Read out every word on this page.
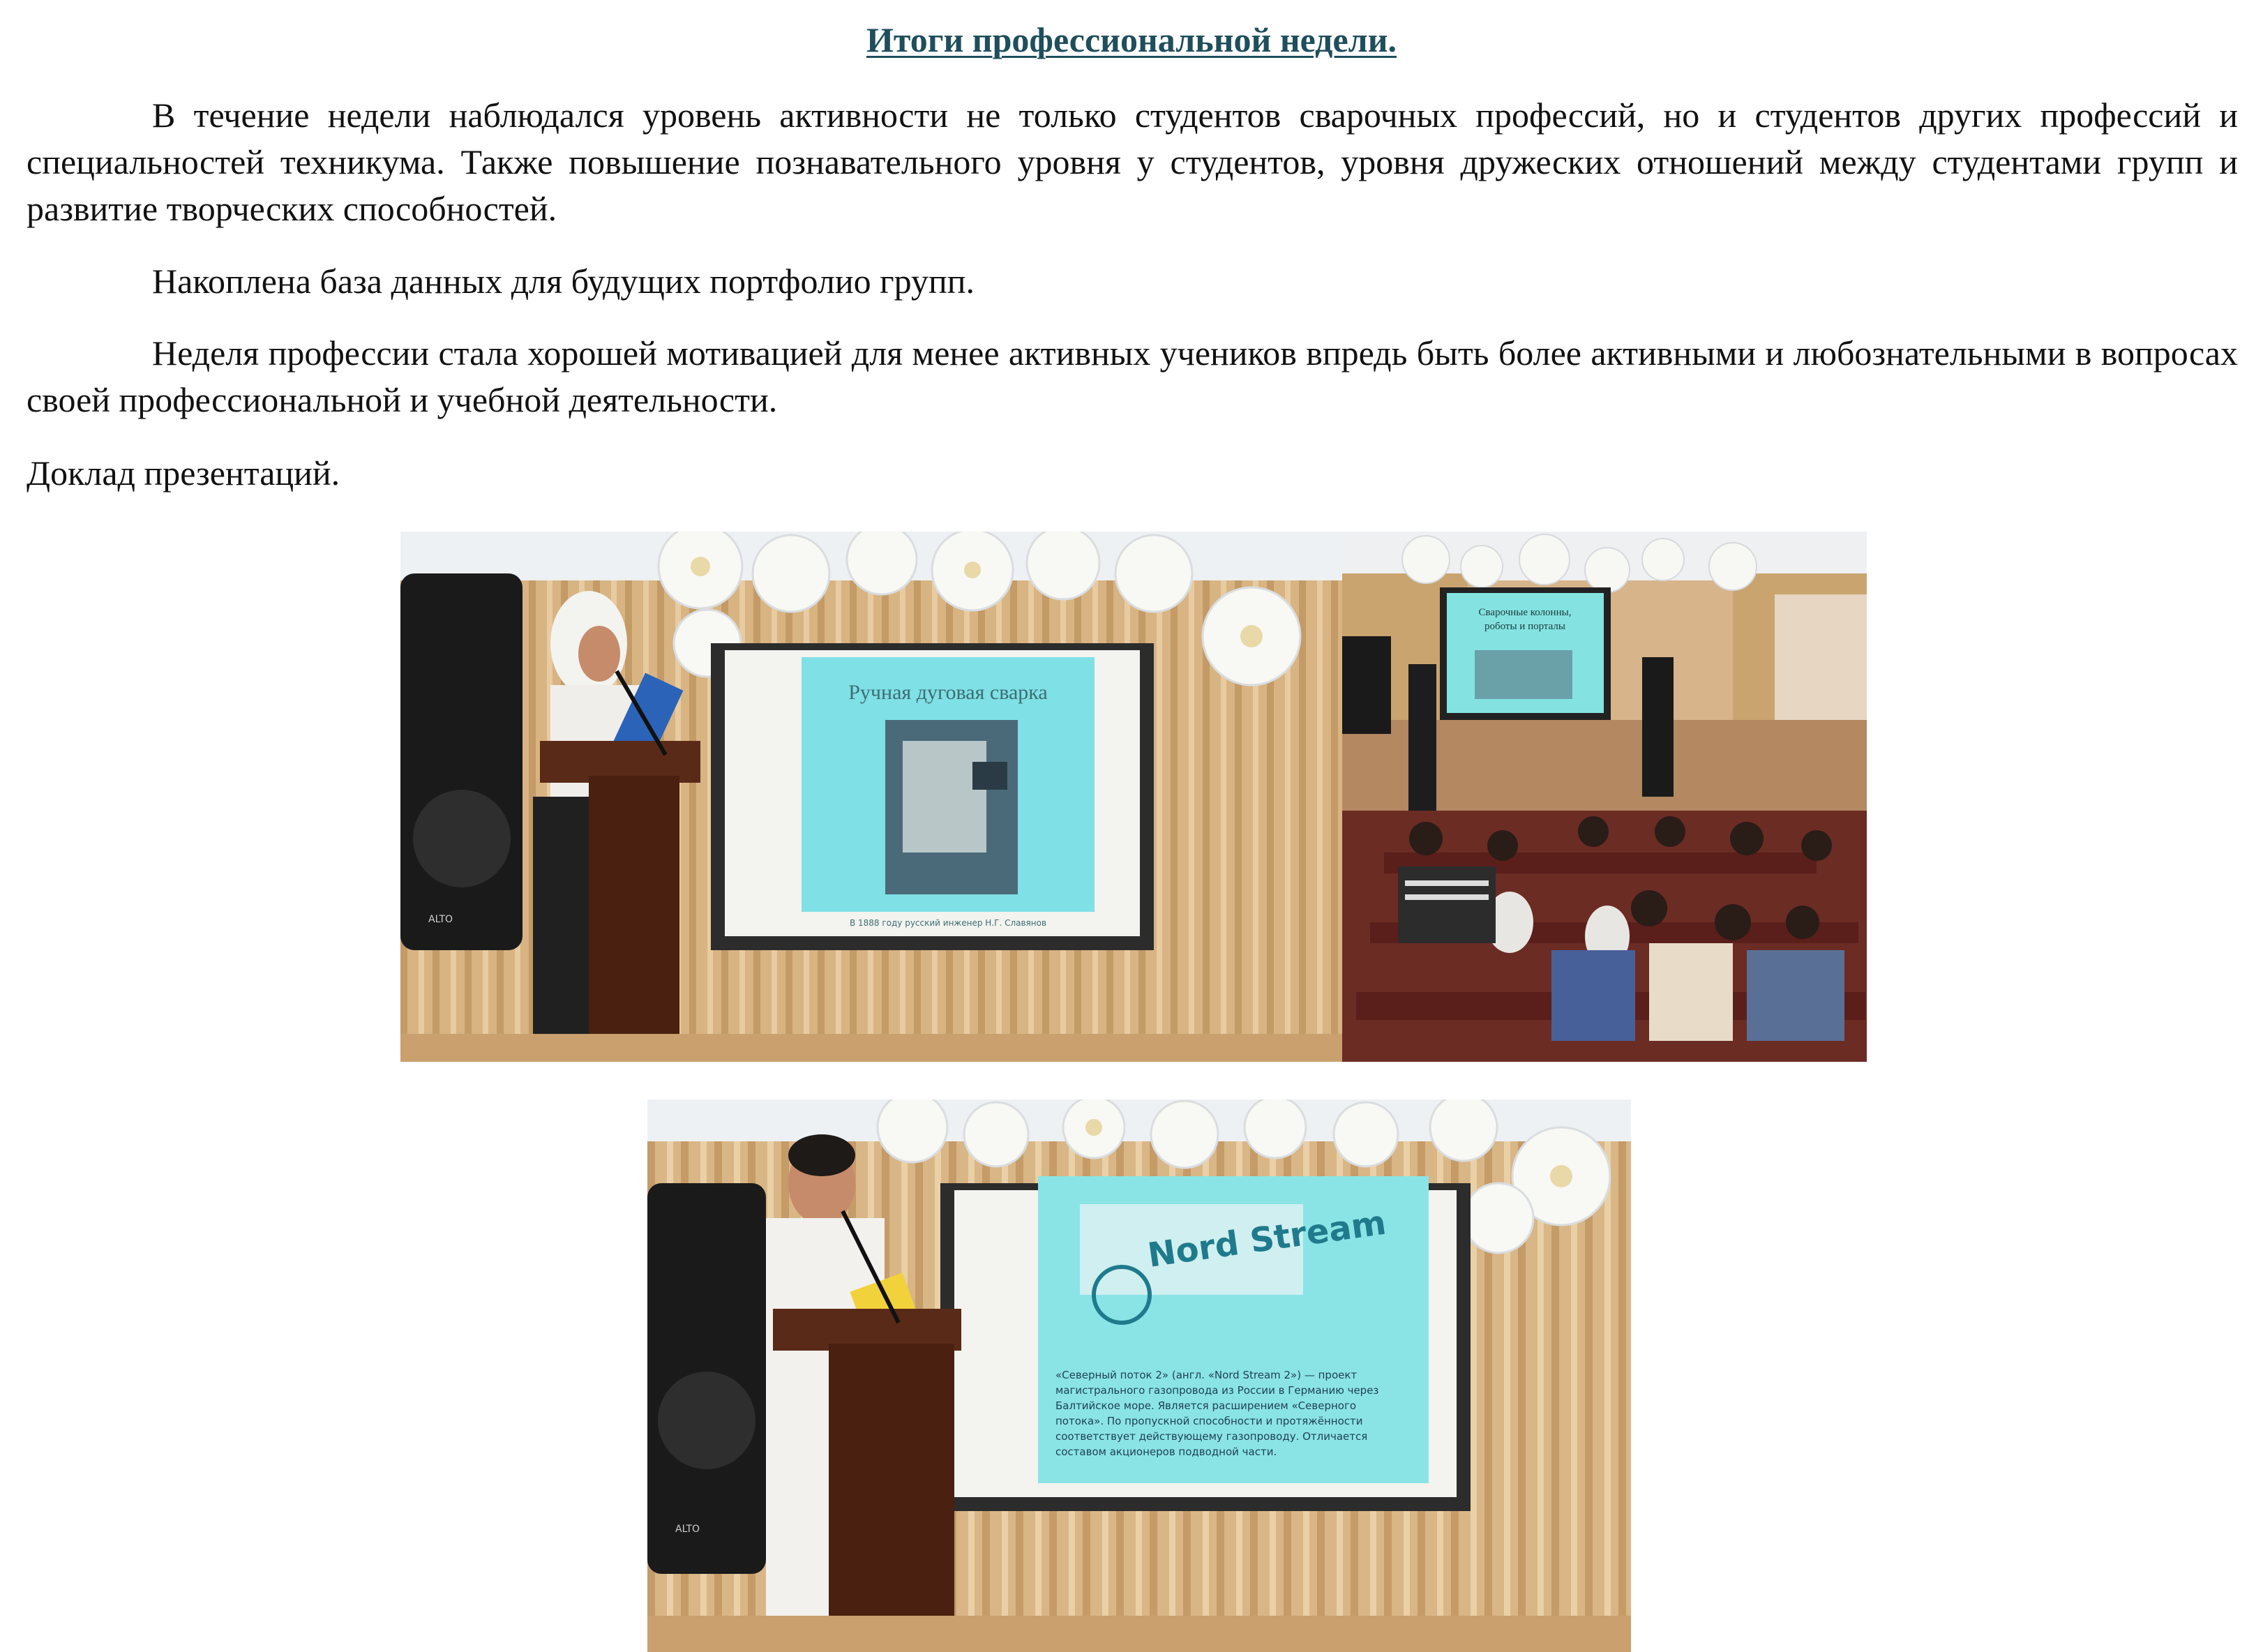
Итоги профессиональной недели.

В течение недели наблюдался уровень активности не только студентов сварочных профессий, но и студентов других профессий и специальностей техникума. Также повышение познавательного уровня у студентов, уровня дружеских отношений между студентами групп и развитие творческих способностей.

Накоплена база данных для будущих портфолио групп.

Неделя профессии стала хорошей мотивацией для менее активных учеников впредь быть более активными и любознательными в вопросах своей профессиональной и учебной деятельности.

Доклад презентаций.

Ручная дуговая сварка
В 1888 году русский инженер Н.Г. Славянов
ALTO
Сварочные колонны,
роботы и порталы
Nord Stream
«Северный поток 2» (англ. «Nord Stream 2») — проект
магистрального газопровода из России в Германию через
Балтийское море. Является расширением «Северного
потока». По пропускной способности и протяжённости
соответствует действующему газопроводу. Отличается
составом акционеров подводной части.
ALTO
